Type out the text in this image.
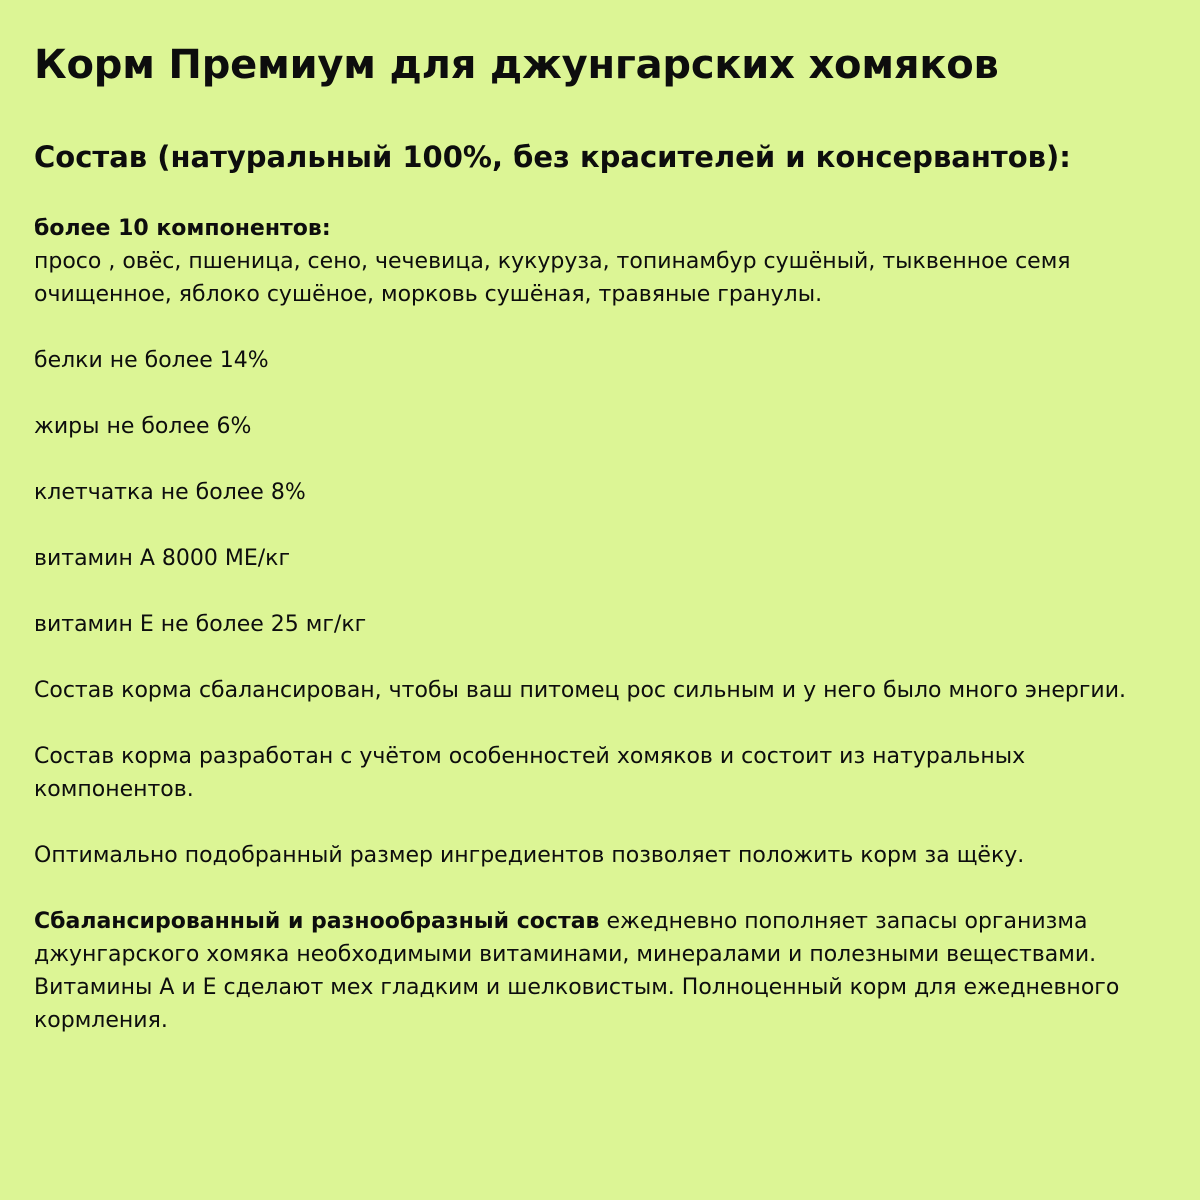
Корм Премиум для джунгарских хомяков
Состав (натуральный 100%, без красителей и консервантов):
более 10 компонентов:
просо , овёс, пшеница, сено, чечевица, кукуруза, топинамбур сушёный, тыквенное семя очищенное, яблоко сушёное, морковь сушёная, травяные гранулы.

белки не более 14%

жиры не более 6%

клетчатка не более 8%

витамин А 8000 МЕ/кг

витамин Е не более 25 мг/кг

Состав корма сбалансирован, чтобы ваш питомец рос сильным и у него было много энергии.

Состав корма разработан с учётом особенностей хомяков и состоит из натуральных компонентов.

Оптимально подобранный размер ингредиентов позволяет положить корм за щёку.

Сбалансированный и разнообразный состав ежедневно пополняет запасы организма джунгарского хомяка необходимыми витаминами, минералами и полезными веществами. Витамины А и Е сделают мех гладким и шелковистым. Полноценный корм для ежедневного кормления.
